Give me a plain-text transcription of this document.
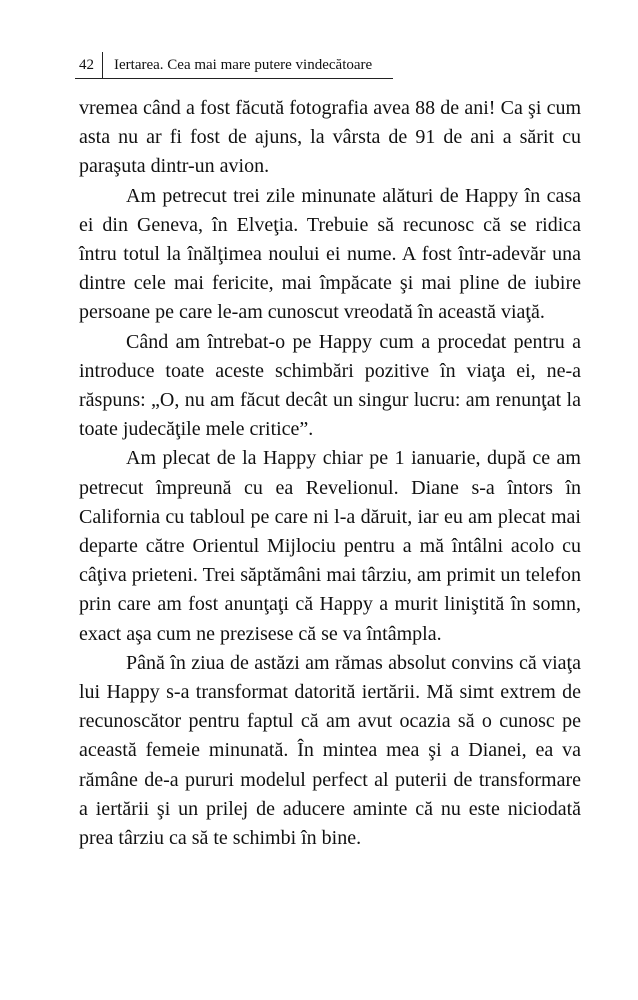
42 Iertarea. Cea mai mare putere vindecătoare

vremea când a fost făcută fotografia avea 88 de ani! Ca şi cum asta nu ar fi fost de ajuns, la vârsta de 91 de ani a sărit cu paraşuta dintr-un avion.

Am petrecut trei zile minunate alături de Happy în casa ei din Geneva, în Elveţia. Trebuie să recunosc că se ridica întru totul la înălţimea noului ei nume. A fost într-adevăr una dintre cele mai fericite, mai împăcate şi mai pline de iubire persoane pe care le-am cunoscut vreodată în această viaţă.

Când am întrebat-o pe Happy cum a procedat pentru a introduce toate aceste schimbări pozitive în viaţa ei, ne-a răspuns: „O, nu am făcut decât un singur lucru: am renunţat la toate judecăţile mele critice”.

Am plecat de la Happy chiar pe 1 ianuarie, după ce am petrecut împreună cu ea Revelionul. Diane s-a întors în California cu tabloul pe care ni l-a dăruit, iar eu am plecat mai departe către Orientul Mijlociu pentru a mă întâlni acolo cu câţiva prieteni. Trei săptămâni mai târziu, am primit un telefon prin care am fost anunţaţi că Happy a murit liniştită în somn, exact aşa cum ne prezisese că se va întâmpla.

Până în ziua de astăzi am rămas absolut convins că viaţa lui Happy s-a transformat datorită iertării. Mă simt extrem de recunoscător pentru faptul că am avut ocazia să o cunosc pe această femeie minunată. În mintea mea şi a Dianei, ea va rămâne de-a pururi modelul perfect al puterii de transformare a iertării şi un prilej de aducere aminte că nu este niciodată prea târziu ca să te schimbi în bine.
